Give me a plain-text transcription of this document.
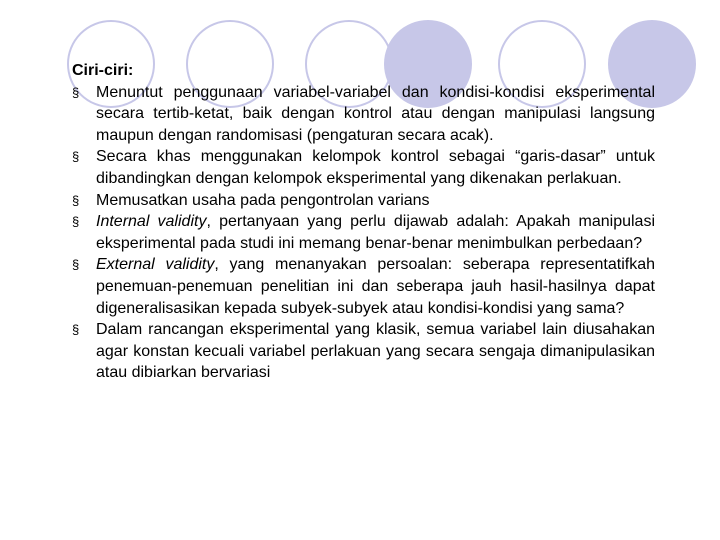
Ciri-ciri:

§	Menuntut penggunaan variabel-variabel dan kondisi-kondisi eksperimental secara tertib-ketat, baik dengan kontrol atau dengan manipulasi langsung maupun dengan randomisasi (pengaturan secara acak).
§	Secara khas menggunakan kelompok kontrol sebagai “garis-dasar” untuk dibandingkan dengan kelompok eksperimental yang dikenakan perlakuan.
§	Memusatkan usaha pada pengontrolan varians
§	Internal validity, pertanyaan yang perlu dijawab adalah: Apakah manipulasi eksperimental pada studi ini memang benar-benar menimbulkan perbedaan?
§	External validity, yang menanyakan persoalan: seberapa representatifkah penemuan-penemuan penelitian ini dan seberapa jauh hasil-hasilnya dapat digeneralisasikan kepada subyek-subyek atau kondisi-kondisi yang sama?
§	Dalam rancangan eksperimental yang klasik, semua variabel lain diusahakan agar konstan kecuali variabel perlakuan yang secara sengaja dimanipulasikan atau dibiarkan bervariasi
